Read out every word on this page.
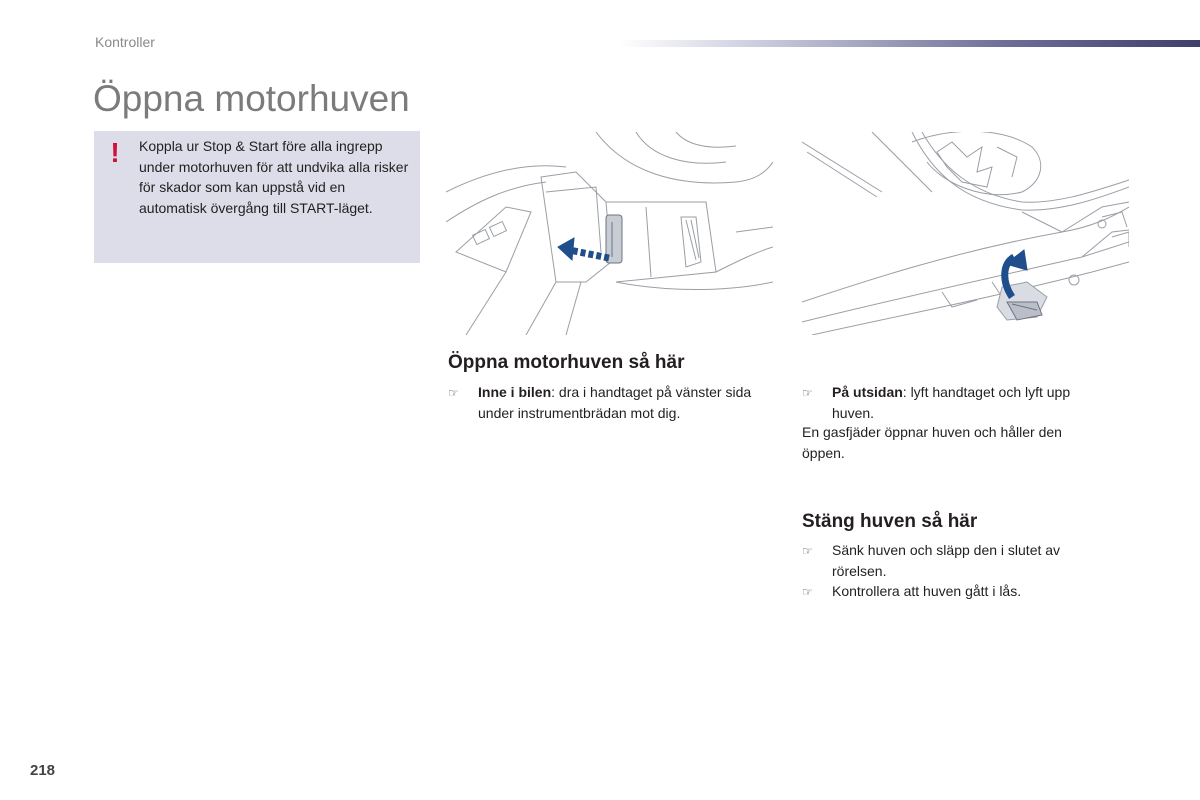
Kontroller
Öppna motorhuven
! Koppla ur Stop & Start före alla ingrepp under motorhuven för att undvika alla risker för skador som kan uppstå vid en automatisk övergång till START-läget.
Öppna motorhuven så här
☞ Inne i bilen: dra i handtaget på vänster sida under instrumentbrädan mot dig.
☞ På utsidan: lyft handtaget och lyft upp huven.
En gasfjäder öppnar huven och håller den öppen.
Stäng huven så här
☞ Sänk huven och släpp den i slutet av rörelsen.
☞ Kontrollera att huven gått i lås.
218
